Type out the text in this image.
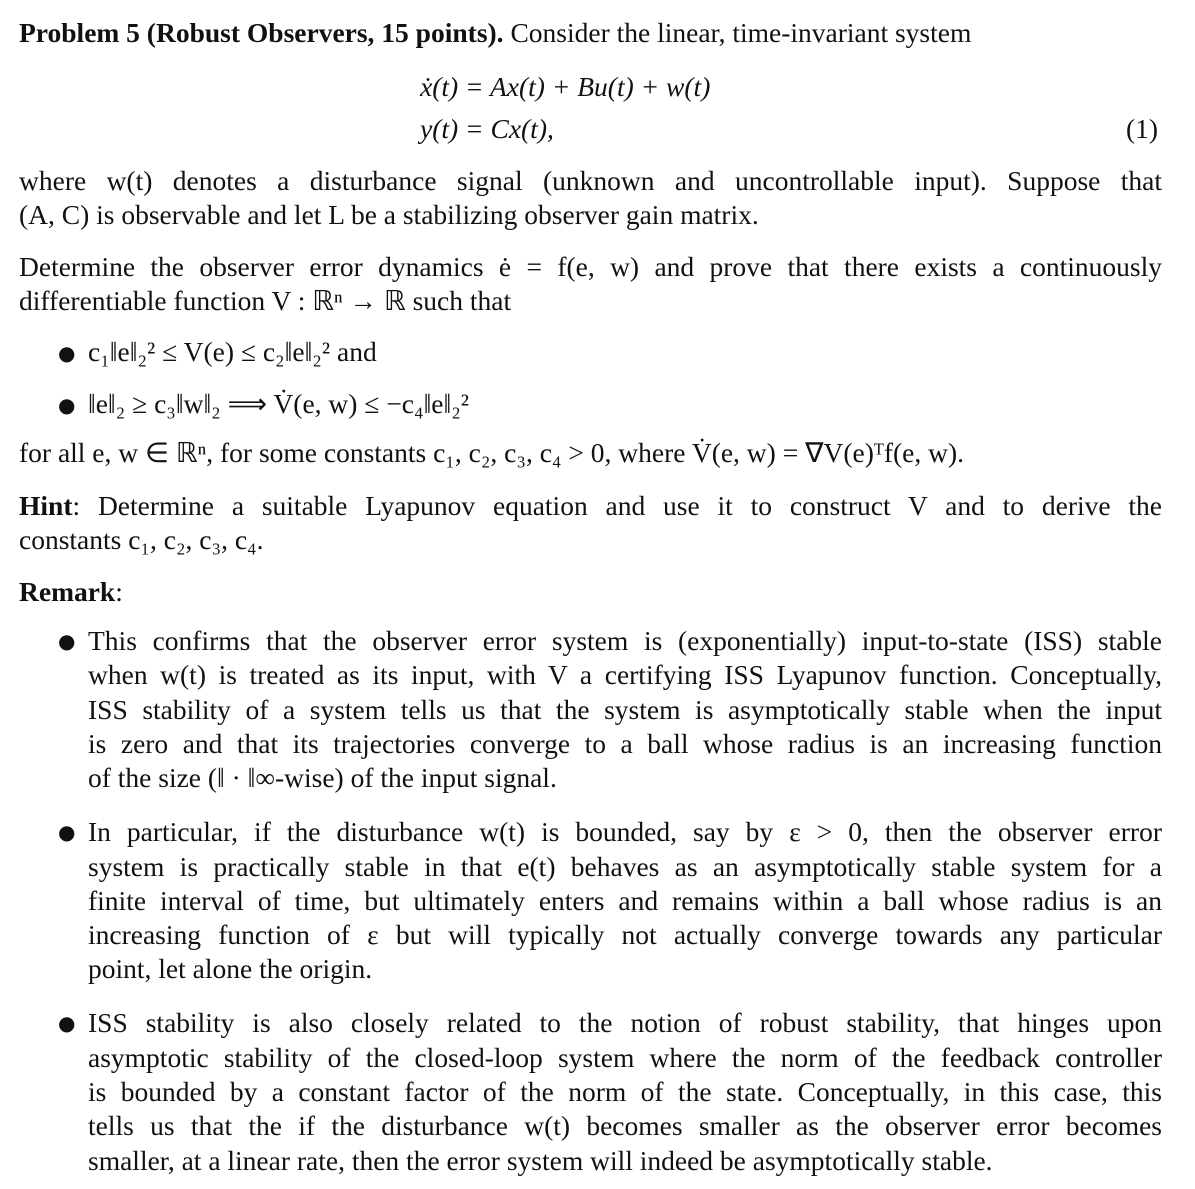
Problem 5 (Robust Observers, 15 points). Consider the linear, time-invariant system
ẋ(t) = Ax(t) + Bu(t) + w(t)
y(t) = Cx(t),	(1)
where w(t) denotes a disturbance signal (unknown and uncontrollable input). Suppose that
(A, C) is observable and let L be a stabilizing observer gain matrix.
Determine the observer error dynamics ė = f(e, w) and prove that there exists a continuously
differentiable function V : ℝⁿ → ℝ such that
● c₁‖e‖₂² ≤ V(e) ≤ c₂‖e‖₂² and
● ‖e‖₂ ≥ c₃‖w‖₂ ⟹ V̇(e, w) ≤ −c₄‖e‖₂²
for all e, w ∈ ℝⁿ, for some constants c₁, c₂, c₃, c₄ > 0, where V̇(e, w) = ∇V(e)ᵀf(e, w).
Hint: Determine a suitable Lyapunov equation and use it to construct V and to derive the
constants c₁, c₂, c₃, c₄.
Remark:
● This confirms that the observer error system is (exponentially) input-to-state (ISS) stable
when w(t) is treated as its input, with V a certifying ISS Lyapunov function. Conceptually,
ISS stability of a system tells us that the system is asymptotically stable when the input
is zero and that its trajectories converge to a ball whose radius is an increasing function
of the size (‖ · ‖∞-wise) of the input signal.
● In particular, if the disturbance w(t) is bounded, say by ε > 0, then the observer error
system is practically stable in that e(t) behaves as an asymptotically stable system for a
finite interval of time, but ultimately enters and remains within a ball whose radius is an
increasing function of ε but will typically not actually converge towards any particular
point, let alone the origin.
● ISS stability is also closely related to the notion of robust stability, that hinges upon
asymptotic stability of the closed-loop system where the norm of the feedback controller
is bounded by a constant factor of the norm of the state. Conceptually, in this case, this
tells us that the if the disturbance w(t) becomes smaller as the observer error becomes
smaller, at a linear rate, then the error system will indeed be asymptotically stable.
